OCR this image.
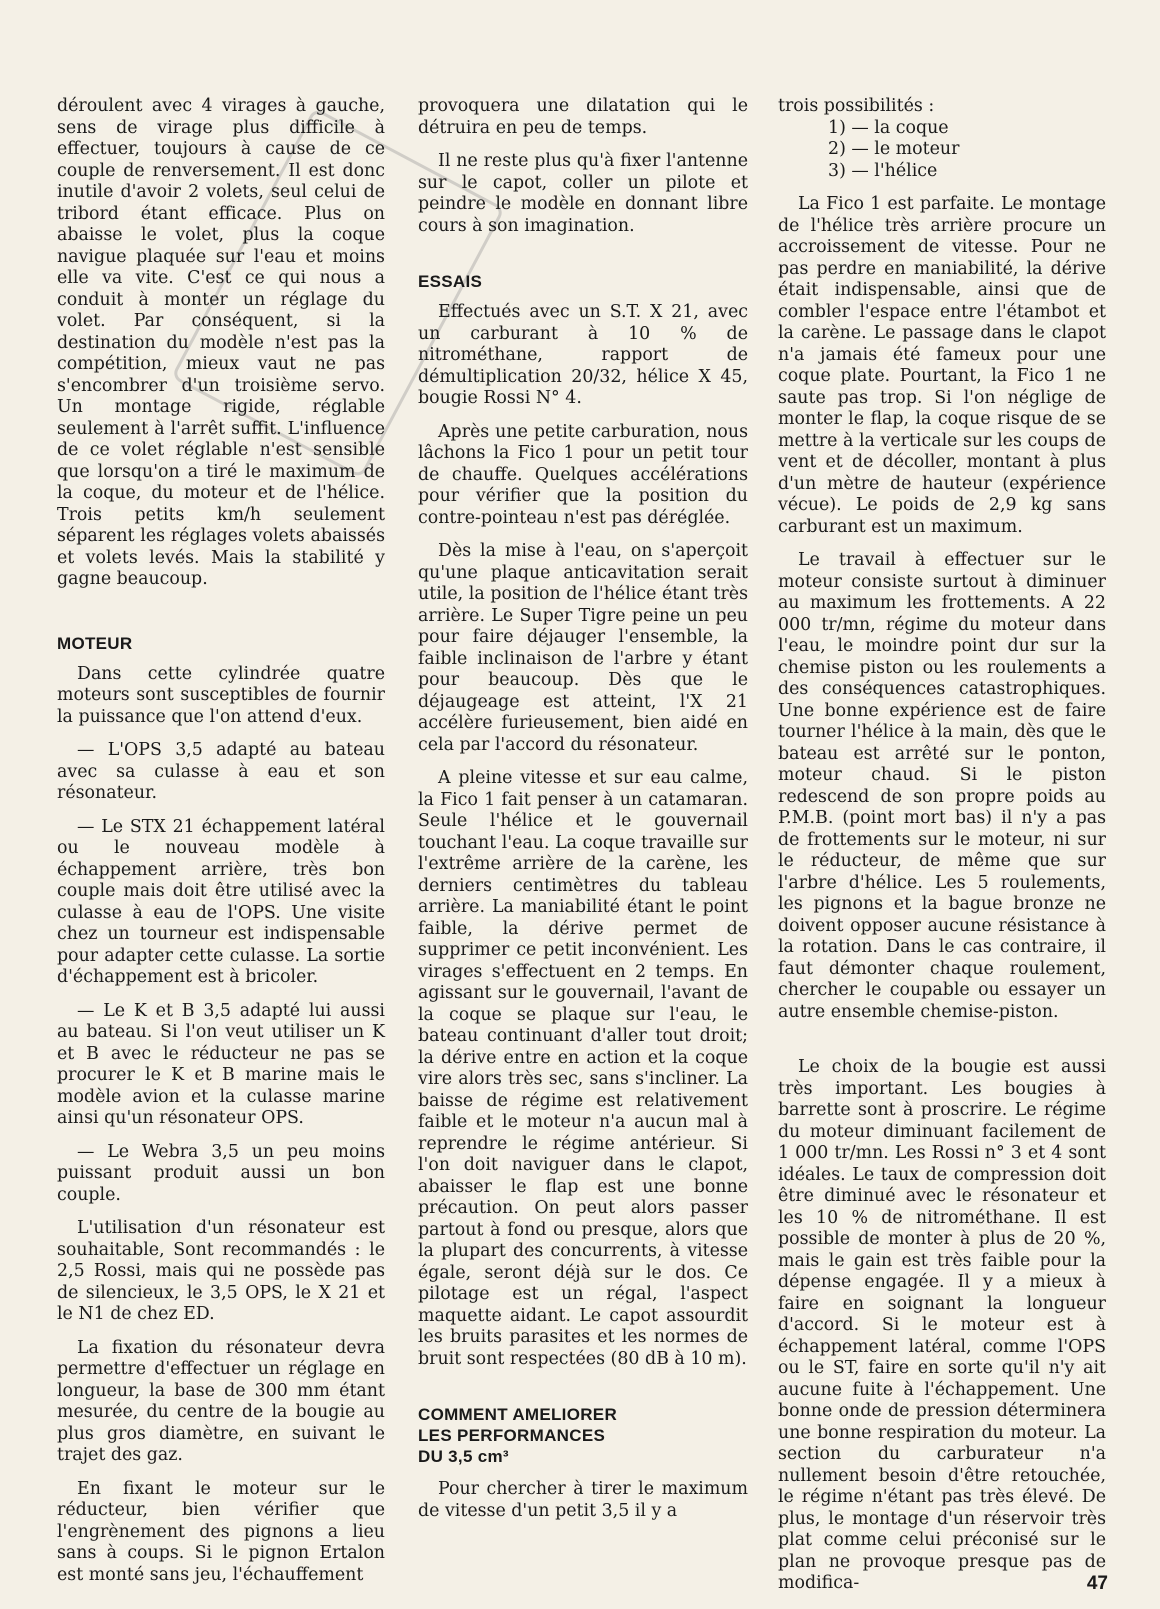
déroulent avec 4 virages à gauche, sens de virage plus difficile à effectuer, toujours à cause de ce couple de renversement. Il est donc inutile d'avoir 2 volets, seul celui de tribord étant efficace. Plus on abaisse le volet, plus la coque navigue plaquée sur l'eau et moins elle va vite. C'est ce qui nous a conduit à monter un réglage du volet. Par conséquent, si la destination du modèle n'est pas la compétition, mieux vaut ne pas s'encombrer d'un troisième servo. Un montage rigide, réglable seulement à l'arrêt suffit. L'influence de ce volet réglable n'est sensible que lorsqu'on a tiré le maximum de la coque, du moteur et de l'hélice. Trois petits km/h seulement séparent les réglages volets abaissés et volets levés. Mais la stabilité y gagne beaucoup.

MOTEUR

Dans cette cylindrée quatre moteurs sont susceptibles de fournir la puissance que l'on attend d'eux.

— L'OPS 3,5 adapté au bateau avec sa culasse à eau et son résonateur.

— Le STX 21 échappement latéral ou le nouveau modèle à échappement arrière, très bon couple mais doit être utilisé avec la culasse à eau de l'OPS. Une visite chez un tourneur est indispensable pour adapter cette culasse. La sortie d'échappement est à bricoler.

— Le K et B 3,5 adapté lui aussi au bateau. Si l'on veut utiliser un K et B avec le réducteur ne pas se procurer le K et B marine mais le modèle avion et la culasse marine ainsi qu'un résonateur OPS.

— Le Webra 3,5 un peu moins puissant produit aussi un bon couple.

L'utilisation d'un résonateur est souhaitable, Sont recommandés : le 2,5 Rossi, mais qui ne possède pas de silencieux, le 3,5 OPS, le X 21 et le N1 de chez ED.

La fixation du résonateur devra permettre d'effectuer un réglage en longueur, la base de 300 mm étant mesurée, du centre de la bougie au plus gros diamètre, en suivant le trajet des gaz.

En fixant le moteur sur le réducteur, bien vérifier que l'engrènement des pignons a lieu sans à coups. Si le pignon Ertalon est monté sans jeu, l'échauffement

provoquera une dilatation qui le détruira en peu de temps.

Il ne reste plus qu'à fixer l'antenne sur le capot, coller un pilote et peindre le modèle en donnant libre cours à son imagination.

ESSAIS

Effectués avec un S.T. X 21, avec un carburant à 10 % de nitrométhane, rapport de démultiplication 20/32, hélice X 45, bougie Rossi N° 4.

Après une petite carburation, nous lâchons la Fico 1 pour un petit tour de chauffe. Quelques accélérations pour vérifier que la position du contre-pointeau n'est pas déréglée.

Dès la mise à l'eau, on s'aperçoit qu'une plaque anticavitation serait utile, la position de l'hélice étant très arrière. Le Super Tigre peine un peu pour faire déjauger l'ensemble, la faible inclinaison de l'arbre y étant pour beaucoup. Dès que le déjaugeage est atteint, l'X 21 accélère furieusement, bien aidé en cela par l'accord du résonateur.

A pleine vitesse et sur eau calme, la Fico 1 fait penser à un catamaran. Seule l'hélice et le gouvernail touchant l'eau. La coque travaille sur l'extrême arrière de la carène, les derniers centimètres du tableau arrière. La maniabilité étant le point faible, la dérive permet de supprimer ce petit inconvénient. Les virages s'effectuent en 2 temps. En agissant sur le gouvernail, l'avant de la coque se plaque sur l'eau, le bateau continuant d'aller tout droit; la dérive entre en action et la coque vire alors très sec, sans s'incliner. La baisse de régime est relativement faible et le moteur n'a aucun mal à reprendre le régime antérieur. Si l'on doit naviguer dans le clapot, abaisser le flap est une bonne précaution. On peut alors passer partout à fond ou presque, alors que la plupart des concurrents, à vitesse égale, seront déjà sur le dos. Ce pilotage est un régal, l'aspect maquette aidant. Le capot assourdit les bruits parasites et les normes de bruit sont respectées (80 dB à 10 m).

COMMENT AMELIORER
LES PERFORMANCES
DU 3,5 cm³

Pour chercher à tirer le maximum de vitesse d'un petit 3,5 il y a

trois possibilités :

1) — la coque
2) — le moteur
3) — l'hélice

La Fico 1 est parfaite. Le montage de l'hélice très arrière procure un accroissement de vitesse. Pour ne pas perdre en maniabilité, la dérive était indispensable, ainsi que de combler l'espace entre l'étambot et la carène. Le passage dans le clapot n'a jamais été fameux pour une coque plate. Pourtant, la Fico 1 ne saute pas trop. Si l'on néglige de monter le flap, la coque risque de se mettre à la verticale sur les coups de vent et de décoller, montant à plus d'un mètre de hauteur (expérience vécue). Le poids de 2,9 kg sans carburant est un maximum.

Le travail à effectuer sur le moteur consiste surtout à diminuer au maximum les frottements. A 22 000 tr/mn, régime du moteur dans l'eau, le moindre point dur sur la chemise piston ou les roulements a des conséquences catastrophiques. Une bonne expérience est de faire tourner l'hélice à la main, dès que le bateau est arrêté sur le ponton, moteur chaud. Si le piston redescend de son propre poids au P.M.B. (point mort bas) il n'y a pas de frottements sur le moteur, ni sur le réducteur, de même que sur l'arbre d'hélice. Les 5 roulements, les pignons et la bague bronze ne doivent opposer aucune résistance à la rotation. Dans le cas contraire, il faut démonter chaque roulement, chercher le coupable ou essayer un autre ensemble chemise-piston.

Le choix de la bougie est aussi très important. Les bougies à barrette sont à proscrire. Le régime du moteur diminuant facilement de 1 000 tr/mn. Les Rossi n° 3 et 4 sont idéales. Le taux de compression doit être diminué avec le résonateur et les 10 % de nitrométhane. Il est possible de monter à plus de 20 %, mais le gain est très faible pour la dépense engagée. Il y a mieux à faire en soignant la longueur d'accord. Si le moteur est à échappement latéral, comme l'OPS ou le ST, faire en sorte qu'il n'y ait aucune fuite à l'échappement. Une bonne onde de pression déterminera une bonne respiration du moteur. La section du carburateur n'a nullement besoin d'être retouchée, le régime n'étant pas très élevé. De plus, le montage d'un réservoir très plat comme celui préconisé sur le plan ne provoque presque pas de modifica-	47
